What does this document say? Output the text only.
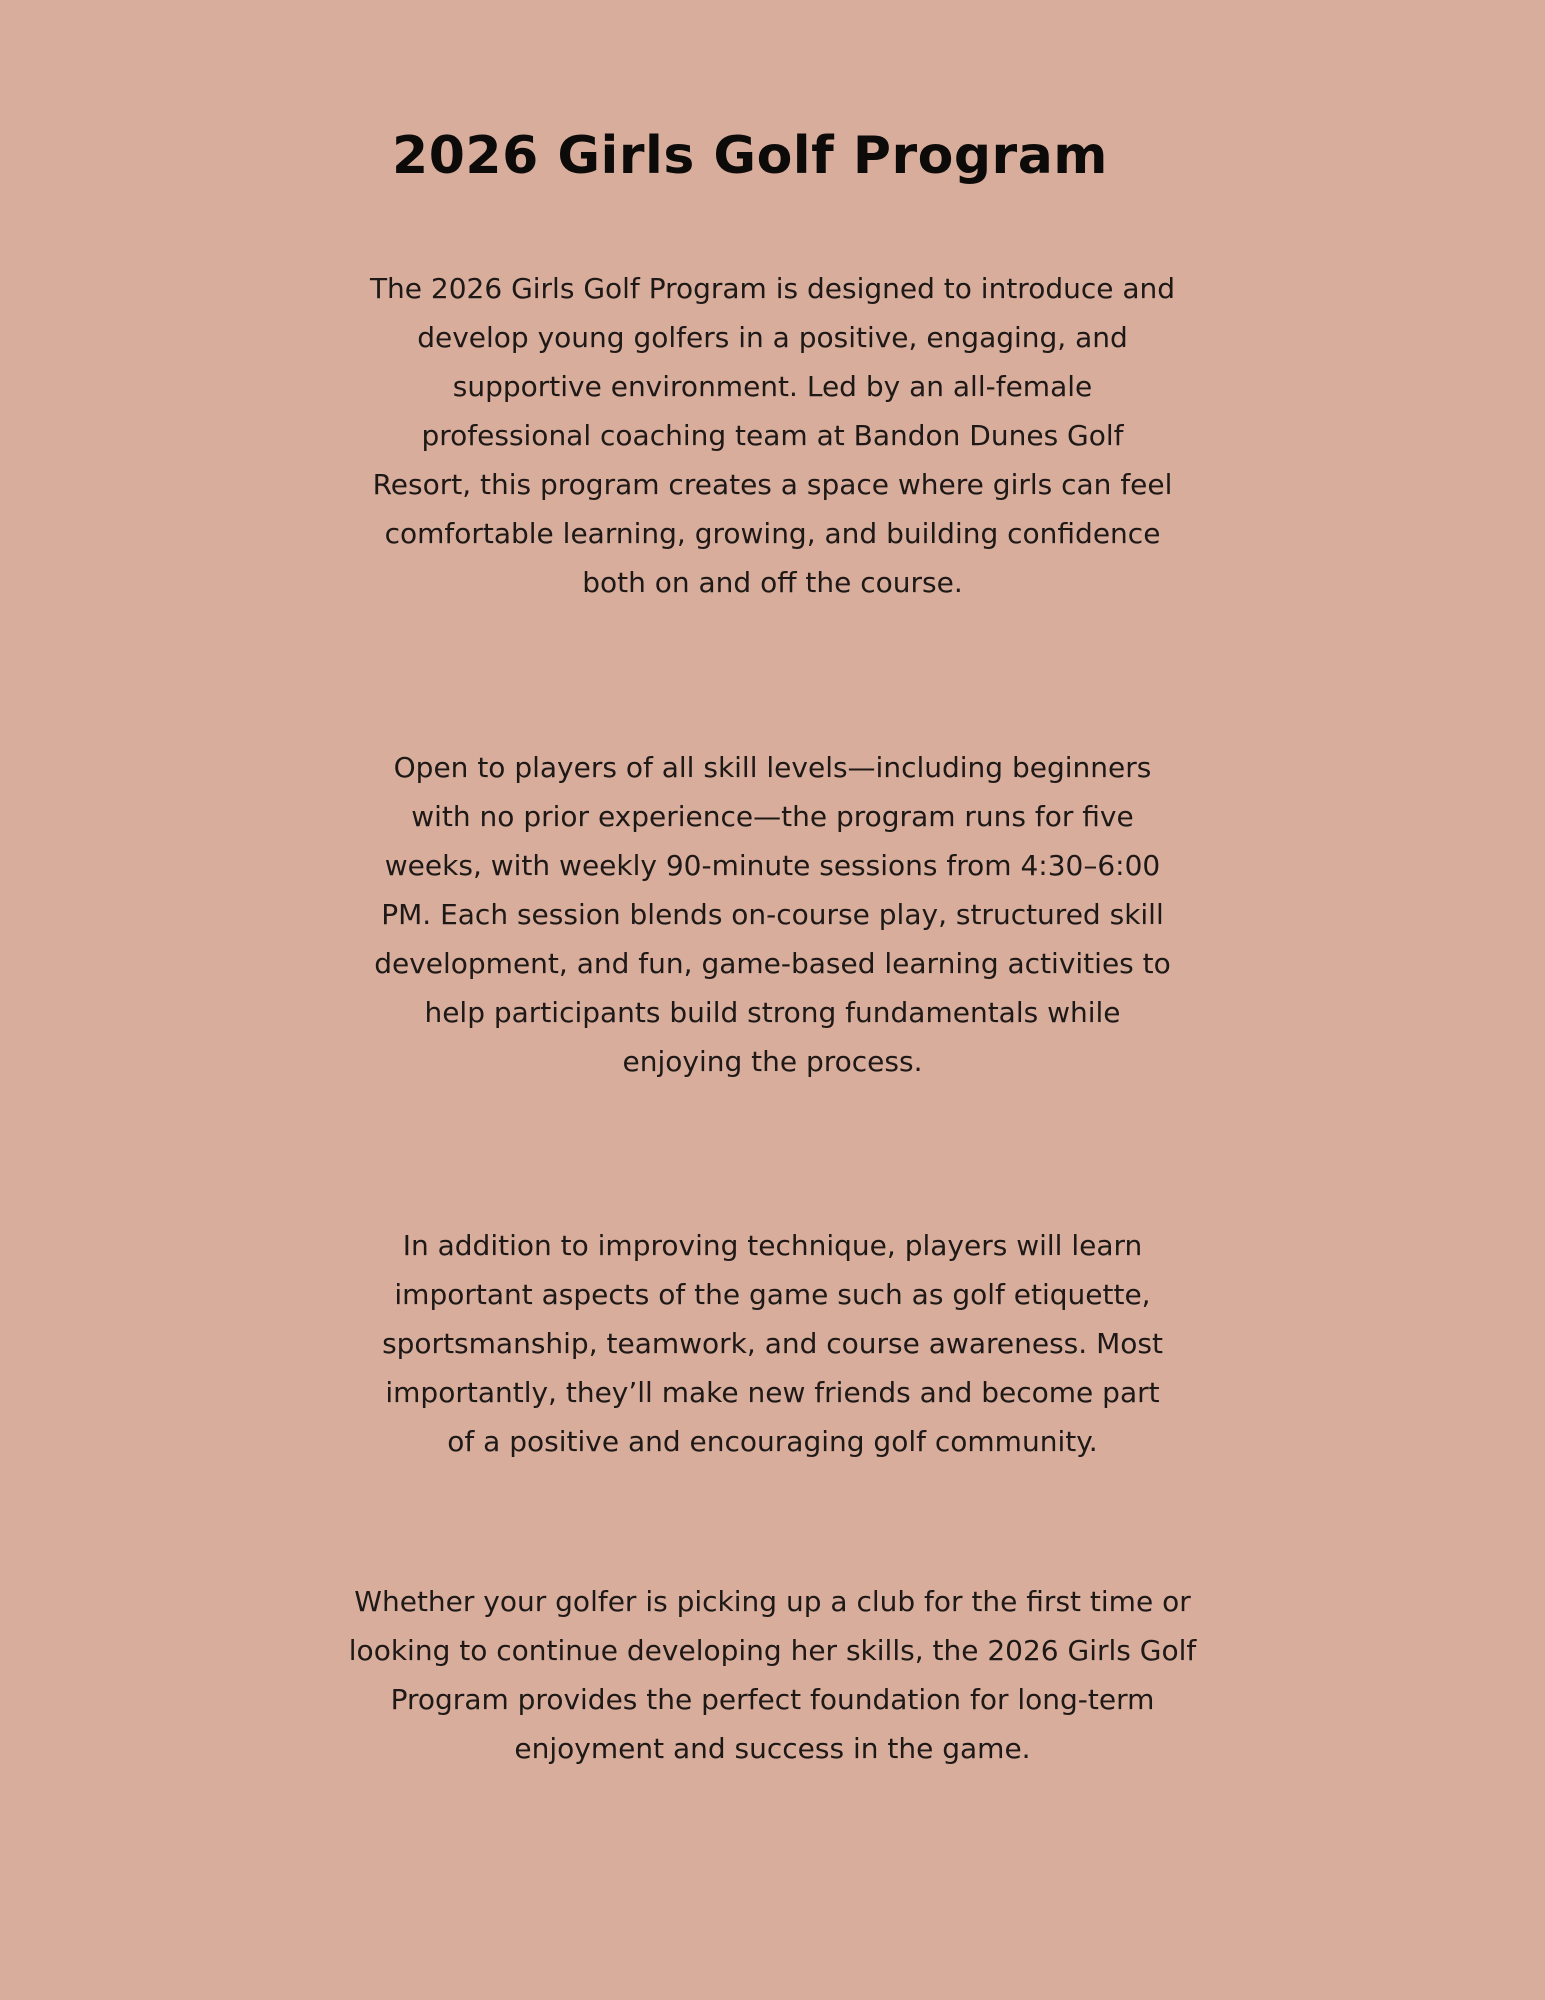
2026 Girls Golf Program

The 2026 Girls Golf Program is designed to introduce and
develop young golfers in a positive, engaging, and
supportive environment. Led by an all-female
professional coaching team at Bandon Dunes Golf
Resort, this program creates a space where girls can feel
comfortable learning, growing, and building confidence
both on and off the course.

Open to players of all skill levels—including beginners
with no prior experience—the program runs for five
weeks, with weekly 90-minute sessions from 4:30–6:00
PM. Each session blends on-course play, structured skill
development, and fun, game-based learning activities to
help participants build strong fundamentals while
enjoying the process.

In addition to improving technique, players will learn
important aspects of the game such as golf etiquette,
sportsmanship, teamwork, and course awareness. Most
importantly, they’ll make new friends and become part
of a positive and encouraging golf community.

Whether your golfer is picking up a club for the first time or
looking to continue developing her skills, the 2026 Girls Golf
Program provides the perfect foundation for long-term
enjoyment and success in the game.
